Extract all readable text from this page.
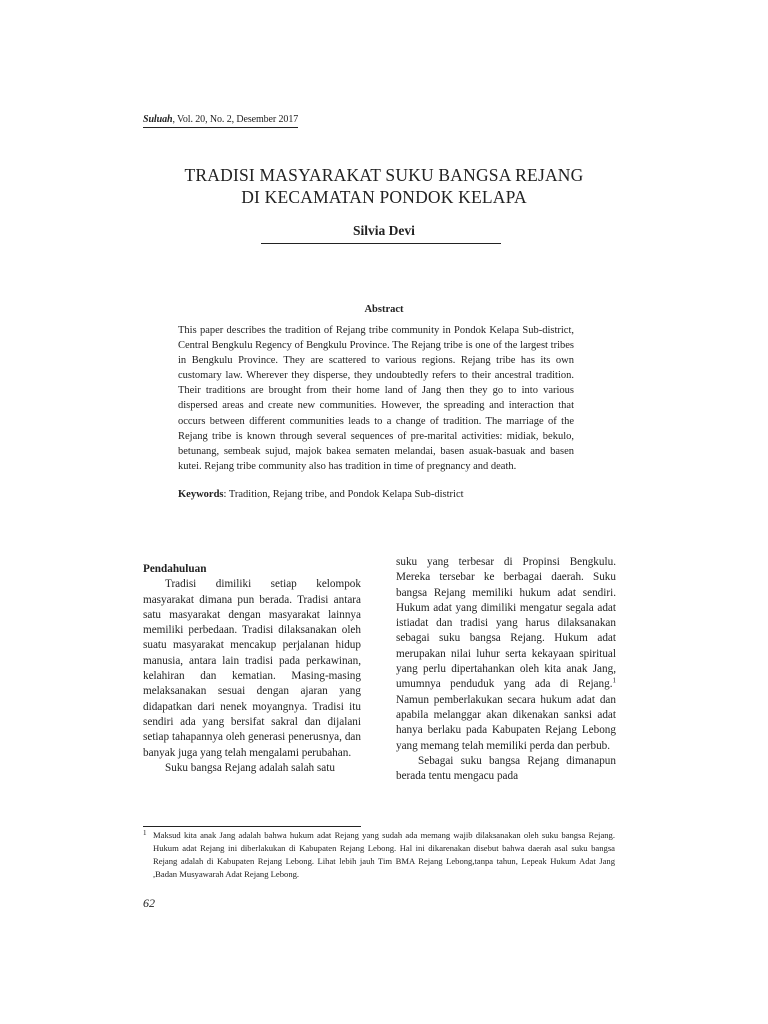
Suluah, Vol. 20, No. 2, Desember 2017
TRADISI MASYARAKAT SUKU BANGSA REJANG
DI KECAMATAN PONDOK KELAPA
Silvia Devi
Abstract
This paper describes the tradition of Rejang tribe community in Pondok Kelapa Sub-district, Central Bengkulu Regency of Bengkulu Province. The Rejang tribe is one of the largest tribes in Bengkulu Province. They are scattered to various regions. Rejang tribe has its own customary law. Wherever they disperse, they undoubtedly refers to their ancestral tradition. Their traditions are brought from their home land of Jang then they go to into various dispersed areas and create new communities. However, the spreading and interaction that occurs between different communities leads to a change of tradition. The marriage of the Rejang tribe is known through several sequences of pre-marital activities: midiak, bekulo, betunang, sembeak sujud, majok bakea sematen melandai, basen asuak-basuak and basen kutei. Rejang tribe community also has tradition in time of pregnancy and death.
Keywords: Tradition, Rejang tribe, and Pondok Kelapa Sub-district

Pendahuluan

Tradisi dimiliki setiap kelompok masyarakat dimana pun berada. Tradisi antara satu masyarakat dengan masyarakat lainnya memiliki perbedaan. Tradisi dilaksanakan oleh suatu masyarakat mencakup perjalanan hidup manusia, antara lain tradisi pada perkawinan, kelahiran dan kematian. Masing-masing melaksanakan sesuai dengan ajaran yang didapatkan dari nenek moyangnya. Tradisi itu sendiri ada yang bersifat sakral dan dijalani setiap tahapannya oleh generasi penerusnya, dan banyak juga yang telah mengalami perubahan.

Suku bangsa Rejang adalah salah satu

suku yang terbesar di Propinsi Bengkulu. Mereka tersebar ke berbagai daerah. Suku bangsa Rejang memiliki hukum adat sendiri. Hukum adat yang dimiliki mengatur segala adat istiadat dan tradisi yang harus dilaksanakan sebagai suku bangsa Rejang. Hukum adat merupakan nilai luhur serta kekayaan spiritual yang perlu dipertahankan oleh kita anak Jang, umumnya penduduk yang ada di Rejang.$^1$ Namun pemberlakukan secara hukum adat dan apabila melanggar akan dikenakan sanksi adat hanya berlaku pada Kabupaten Rejang Lebong yang memang telah memiliki perda dan perbub.

Sebagai suku bangsa Rejang dimanapun berada tentu mengacu pada

1 Maksud kita anak Jang adalah bahwa hukum adat Rejang yang sudah ada memang wajib dilaksanakan oleh suku bangsa Rejang. Hukum adat Rejang ini diberlakukan di Kabupaten Rejang Lebong. Hal ini dikarenakan disebut bahwa daerah asal suku bangsa Rejang adalah di Kabupaten Rejang Lebong. Lihat lebih jauh Tim BMA Rejang Lebong,tanpa tahun, Lepeak Hukum Adat Jang ,Badan Musyawarah Adat Rejang Lebong.
62
